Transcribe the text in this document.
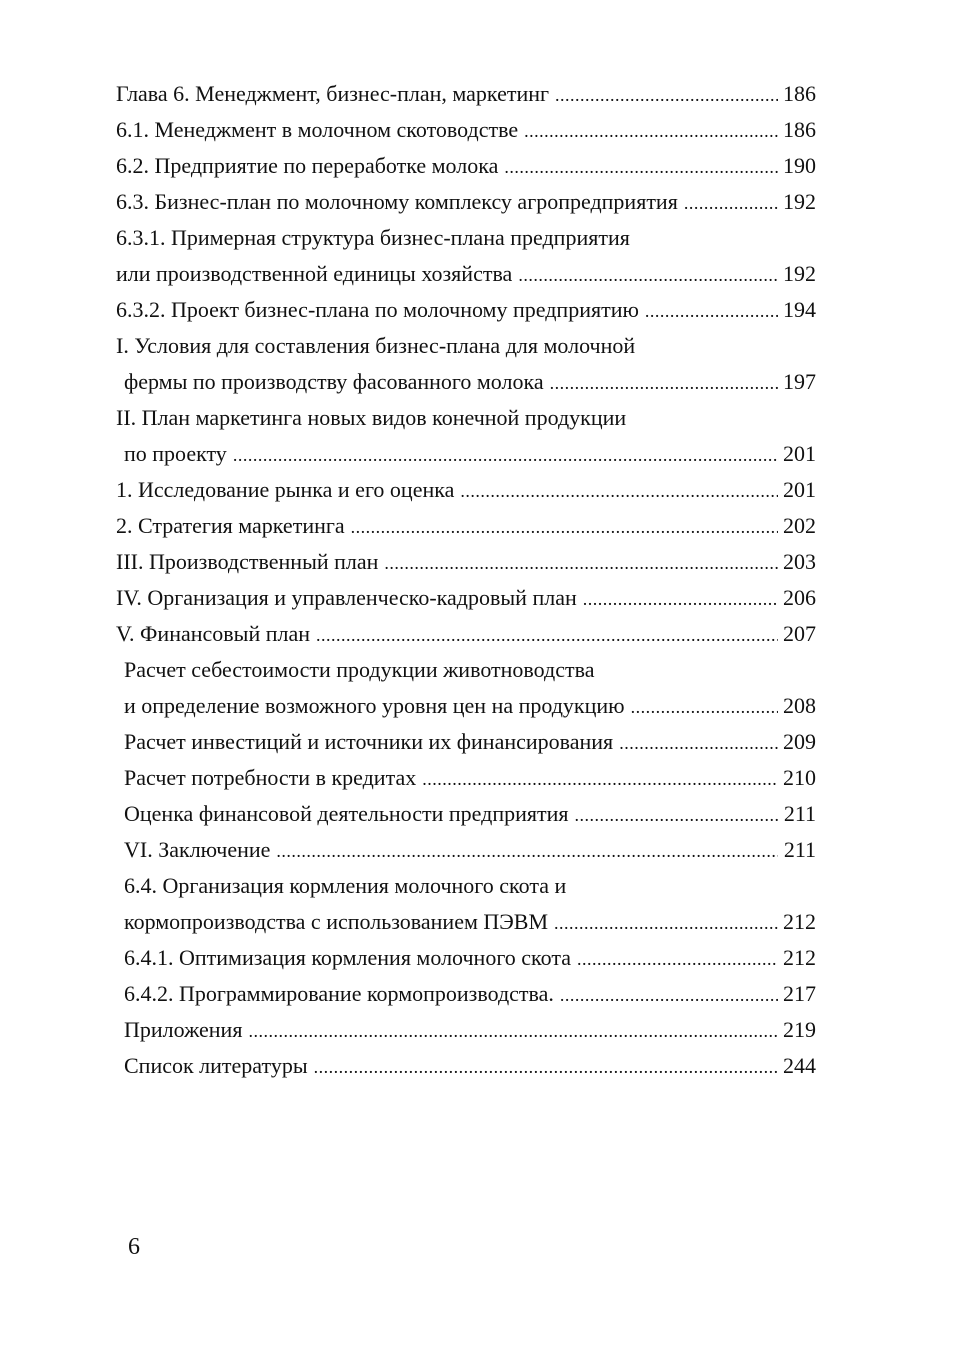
Глава 6. Менеджмент, бизнес-план, маркетинг . . .	186
6.1. Менеджмент в молочном скотоводстве . . .	186
6.2. Предприятие по переработке молока . . .	190
6.3. Бизнес-план по молочному комплексу агропредприятия . . .	192
6.3.1. Примерная структура бизнес-плана предприятия
или производственной единицы хозяйства . . .	192
6.3.2. Проект бизнес-плана по молочному предприятию . . .	194
I. Условия для составления бизнес-плана для молочной
фермы по производству фасованного молока . . .	197
II. План маркетинга новых видов конечной продукции
по проекту . . .	201
1. Исследование рынка и его оценка . . .	201
2. Стратегия маркетинга . . .	202
III. Производственный план . . .	203
IV. Организация и управленческо-кадровый план . . .	206
V. Финансовый план . . .	207
Расчет себестоимости продукции животноводства
и определение возможного уровня цен на продукцию . . .	208
Расчет инвестиций и источники их финансирования . . .	209
Расчет потребности в кредитах . . .	210
Оценка финансовой деятельности предприятия . . .	211
VI. Заключение . . .	211
6.4. Организация кормления молочного скота и
кормопроизводства с использованием ПЭВМ . . .	212
6.4.1. Оптимизация кормления молочного скота . . .	212
6.4.2. Программирование кормопроизводства. . . .	217
Приложения . . .	219
Список литературы . . .	244
6
